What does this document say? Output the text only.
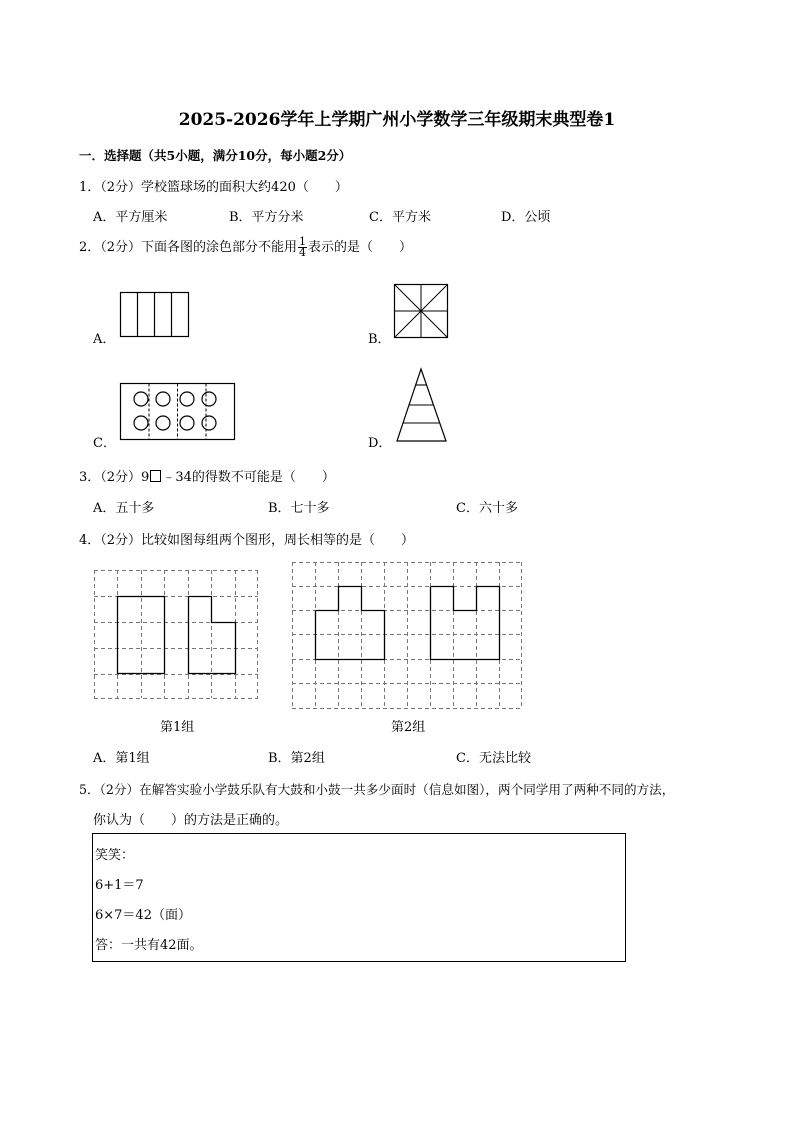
2025-2026学年上学期广州小学数学三年级期末典型卷1
一．选择题（共5小题，满分10分，每小题2分）
1．（2分）学校篮球场的面积大约420（　　）
A．平方厘米	B．平方分米	C．平方米	D．公顷
2．（2分）下面各图的涂色部分不能用 $\frac{1}{4}$ 表示的是（　　）
A．	B．
C．	D．
3．（2分）9 ﹣34的得数不可能是（　　）
A．五十多	B．七十多	C．六十多
4．（2分）比较如图每组两个图形，周长相等的是（　　）
第1组	第2组
A．第1组	B．第2组	C．无法比较
5．（2分）在解答实验小学鼓乐队有大鼓和小鼓一共多少面时（信息如图），两个同学用了两种不同的方法，
你认为（　　）的方法是正确的。
笑笑：
6+1＝7
6×7＝42（面）
答：一共有42面。
